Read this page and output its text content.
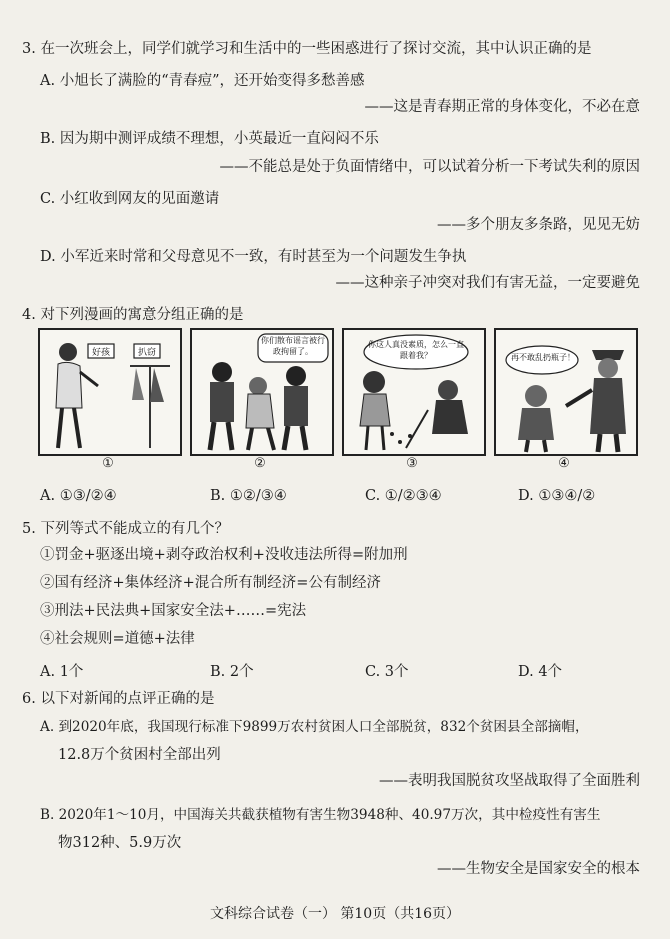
3. 在一次班会上，同学们就学习和生活中的一些困惑进行了探讨交流，其中认识正确的是
A. 小旭长了满脸的“青春痘”，还开始变得多愁善感
——这是青春期正常的身体变化，不必在意
B. 因为期中测评成绩不理想，小英最近一直闷闷不乐
——不能总是处于负面情绪中，可以试着分析一下考试失利的原因
C. 小红收到网友的见面邀请
——多个朋友多条路，见见无妨
D. 小军近来时常和父母意见不一致，有时甚至为一个问题发生争执
——这种亲子冲突对我们有害无益，一定要避免
4. 对下列漫画的寓意分组正确的是
好孩	扒窃
①
你们散布谣言被行政拘留了。
②
你这人真没素质，怎么一直跟着我？
③
再不敢乱扔瓶子！
④
A. ①③/②④	B. ①②/③④	C. ①/②③④	D. ①③④/②
5. 下列等式不能成立的有几个？
①罚金+驱逐出境+剥夺政治权利+没收违法所得=附加刑
②国有经济+集体经济+混合所有制经济=公有制经济
③刑法+民法典+国家安全法+……=宪法
④社会规则=道德+法律
A. 1个	B. 2个	C. 3个	D. 4个
6. 以下对新闻的点评正确的是
A. 到2020年底，我国现行标准下9899万农村贫困人口全部脱贫，832个贫困县全部摘帽，
12.8万个贫困村全部出列
——表明我国脱贫攻坚战取得了全面胜利
B. 2020年1～10月，中国海关共截获植物有害生物3948种、40.97万次，其中检疫性有害生
物312种、5.9万次
——生物安全是国家安全的根本
文科综合试卷（一） 第10页（共16页）
